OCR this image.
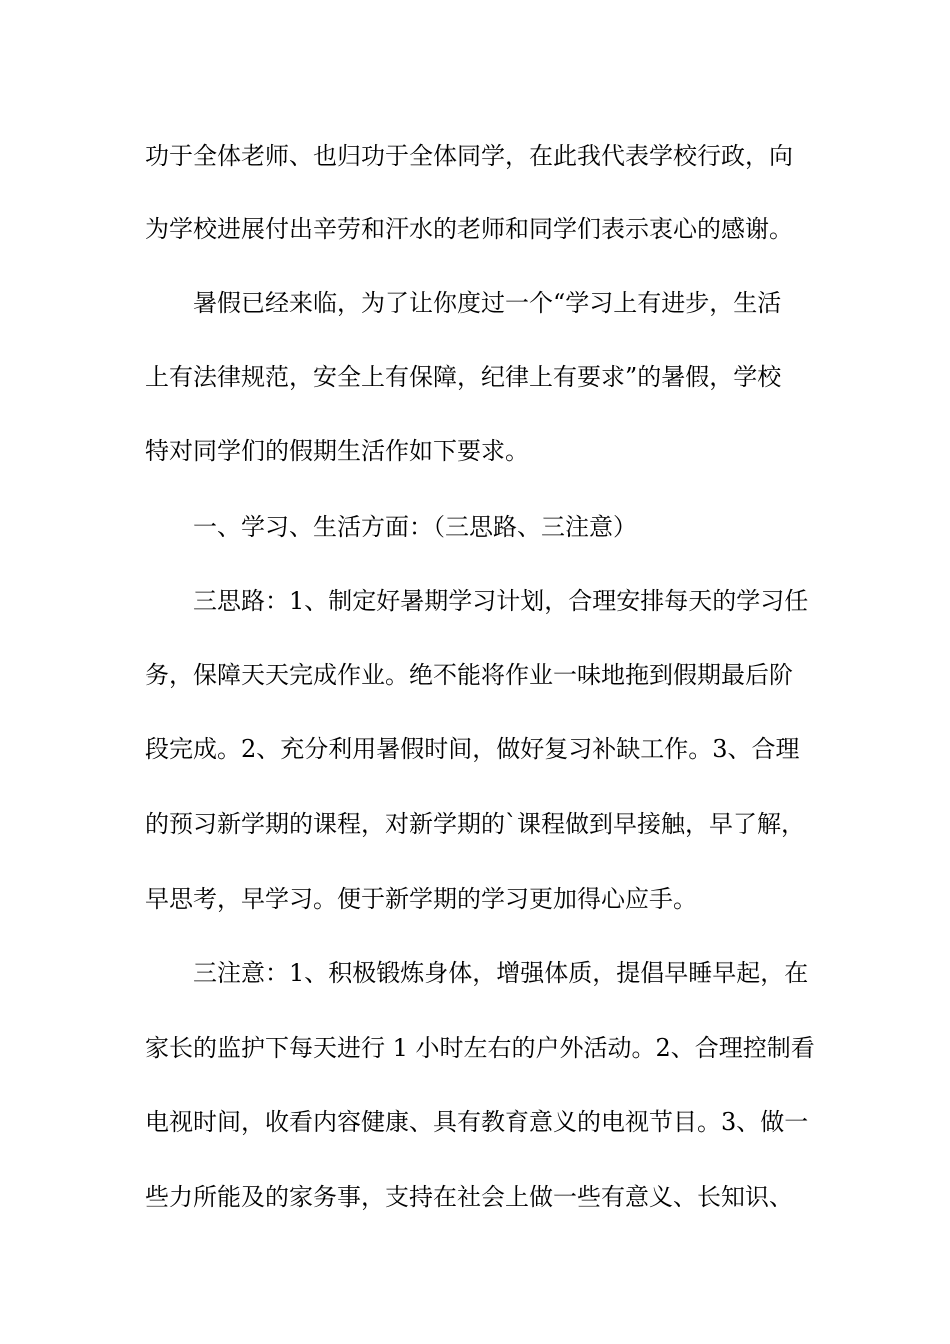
功于全体老师、也归功于全体同学，在此我代表学校行政，向
为学校进展付出辛劳和汗水的老师和同学们表示衷心的感谢。
暑假已经来临，为了让你度过一个“学习上有进步，生活
上有法律规范，安全上有保障，纪律上有要求”的暑假，学校
特对同学们的假期生活作如下要求。
一、学习、生活方面：（三思路、三注意）
三思路：1、制定好暑期学习计划，合理安排每天的学习任
务，保障天天完成作业。绝不能将作业一味地拖到假期最后阶
段完成。2、充分利用暑假时间，做好复习补缺工作。3、合理
的预习新学期的课程，对新学期的`课程做到早接触，早了解，
早思考，早学习。便于新学期的学习更加得心应手。
三注意：1、积极锻炼身体，增强体质，提倡早睡早起，在
家长的监护下每天进行 1 小时左右的户外活动。2、合理控制看
电视时间，收看内容健康、具有教育意义的电视节目。3、做一
些力所能及的家务事，支持在社会上做一些有意义、长知识、
